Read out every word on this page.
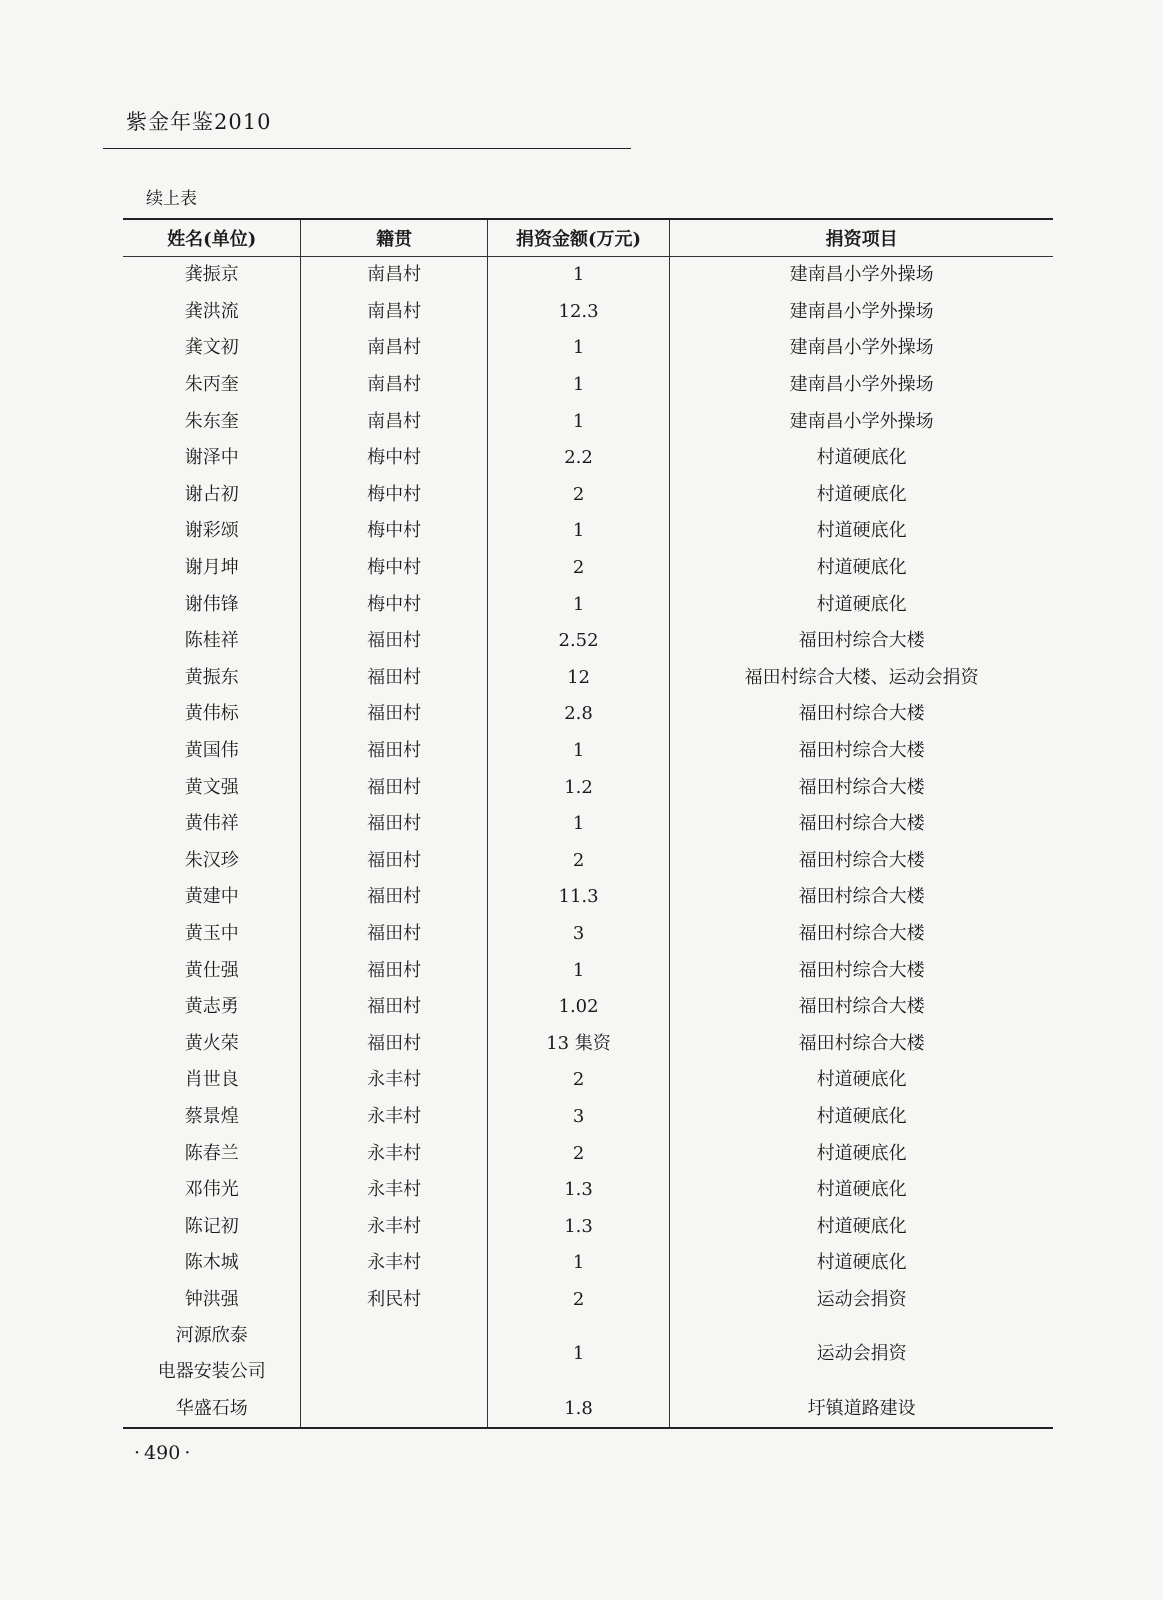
紫金年鉴2010
续上表
姓名(单位)	籍贯	捐资金额(万元)	捐资项目
龚振京	南昌村	1	建南昌小学外操场
龚洪流	南昌村	12.3	建南昌小学外操场
龚文初	南昌村	1	建南昌小学外操场
朱丙奎	南昌村	1	建南昌小学外操场
朱东奎	南昌村	1	建南昌小学外操场
谢泽中	梅中村	2.2	村道硬底化
谢占初	梅中村	2	村道硬底化
谢彩颂	梅中村	1	村道硬底化
谢月坤	梅中村	2	村道硬底化
谢伟锋	梅中村	1	村道硬底化
陈桂祥	福田村	2.52	福田村综合大楼
黄振东	福田村	12	福田村综合大楼、运动会捐资
黄伟标	福田村	2.8	福田村综合大楼
黄国伟	福田村	1	福田村综合大楼
黄文强	福田村	1.2	福田村综合大楼
黄伟祥	福田村	1	福田村综合大楼
朱汉珍	福田村	2	福田村综合大楼
黄建中	福田村	11.3	福田村综合大楼
黄玉中	福田村	3	福田村综合大楼
黄仕强	福田村	1	福田村综合大楼
黄志勇	福田村	1.02	福田村综合大楼
黄火荣	福田村	13 集资	福田村综合大楼
肖世良	永丰村	2	村道硬底化
蔡景煌	永丰村	3	村道硬底化
陈春兰	永丰村	2	村道硬底化
邓伟光	永丰村	1.3	村道硬底化
陈记初	永丰村	1.3	村道硬底化
陈木城	永丰村	1	村道硬底化
钟洪强	利民村	2	运动会捐资

河源欣泰
电器安装公司		1	运动会捐资
华盛石场		1.8	圩镇道路建设
· 490 ·
